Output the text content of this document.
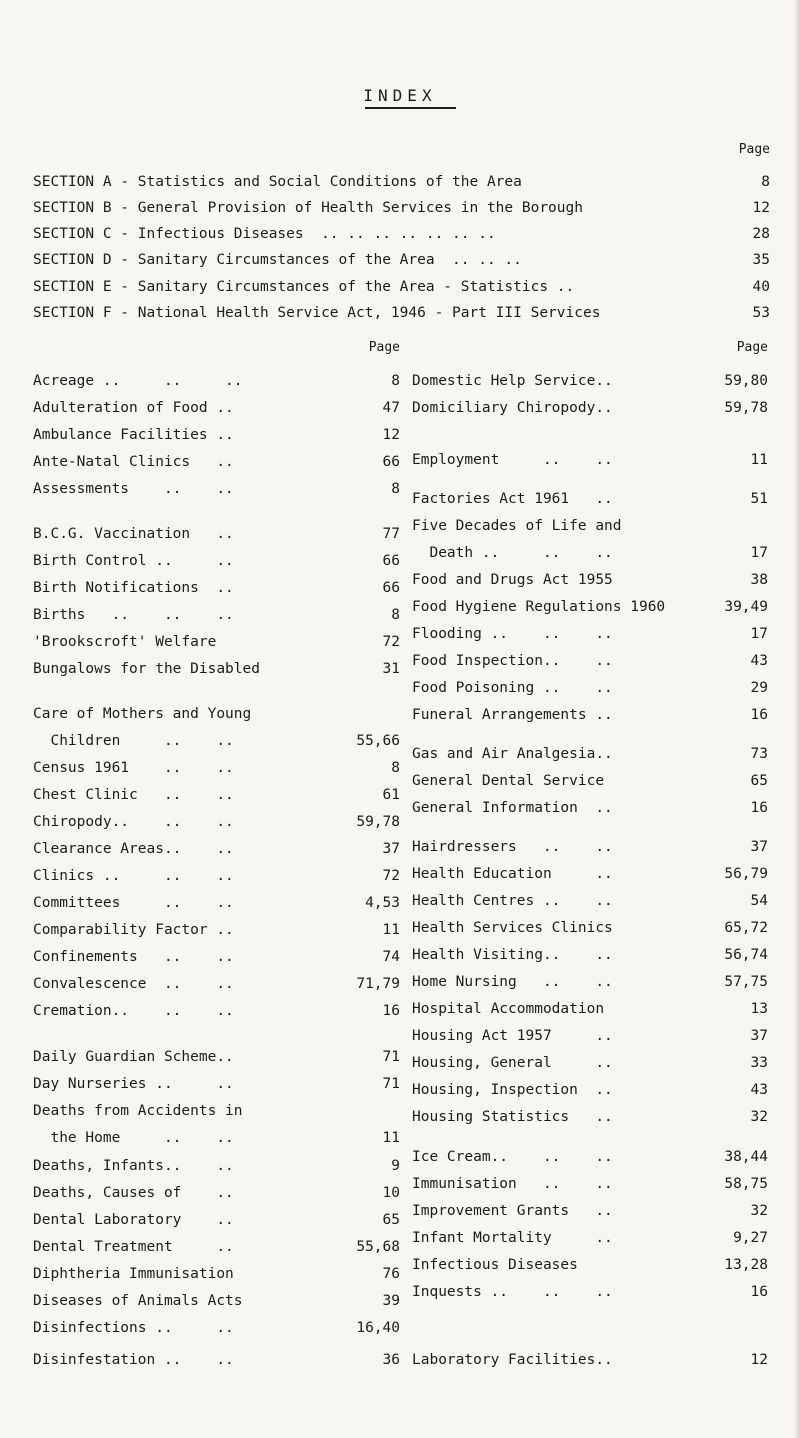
INDEX
Page
SECTION A - Statistics and Social Conditions of the Area	8
SECTION B - General Provision of Health Services in the Borough	12
SECTION C - Infectious Diseases  .. .. .. .. .. .. ..	28
SECTION D - Sanitary Circumstances of the Area  .. .. ..	35
SECTION E - Sanitary Circumstances of the Area - Statistics ..	40
SECTION F - National Health Service Act, 1946 - Part III Services	53
Page	Page
Acreage ..     ..     ..	8
Adulteration of Food ..	47
Ambulance Facilities ..	12
Ante-Natal Clinics   ..	66
Assessments    ..    ..	8
B.C.G. Vaccination   ..	77
Birth Control ..     ..	66
Birth Notifications  ..	66
Births   ..    ..    ..	8
'Brookscroft' Welfare	72
Bungalows for the Disabled	31
Care of Mothers and Young
Children     ..    ..	55,66
Census 1961    ..    ..	8
Chest Clinic   ..    ..	61
Chiropody..    ..    ..	59,78
Clearance Areas..    ..	37
Clinics ..     ..    ..	72
Committees     ..    ..	4,53
Comparability Factor ..	11
Confinements   ..    ..	74
Convalescence  ..    ..	71,79
Cremation..    ..    ..	16
Daily Guardian Scheme..	71
Day Nurseries ..     ..	71
Deaths from Accidents in
the Home     ..    ..	11
Deaths, Infants..    ..	9
Deaths, Causes of    ..	10
Dental Laboratory    ..	65
Dental Treatment     ..	55,68
Diphtheria Immunisation	76
Diseases of Animals Acts	39
Disinfections ..     ..	16,40
Disinfestation ..    ..	36
Domestic Help Service..	59,80
Domiciliary Chiropody..	59,78
Employment     ..    ..	11
Factories Act 1961   ..	51
Five Decades of Life and
Death ..     ..    ..	17
Food and Drugs Act 1955	38
Food Hygiene Regulations 1960	39,49
Flooding ..    ..    ..	17
Food Inspection..    ..	43
Food Poisoning ..    ..	29
Funeral Arrangements ..	16
Gas and Air Analgesia..	73
General Dental Service	65
General Information  ..	16
Hairdressers   ..    ..	37
Health Education     ..	56,79
Health Centres ..    ..	54
Health Services Clinics	65,72
Health Visiting..    ..	56,74
Home Nursing   ..    ..	57,75
Hospital Accommodation	13
Housing Act 1957     ..	37
Housing, General     ..	33
Housing, Inspection  ..	43
Housing Statistics   ..	32
Ice Cream..    ..    ..	38,44
Immunisation   ..    ..	58,75
Improvement Grants   ..	32
Infant Mortality     ..	9,27
Infectious Diseases	13,28
Inquests ..    ..    ..	16
Laboratory Facilities..	12
